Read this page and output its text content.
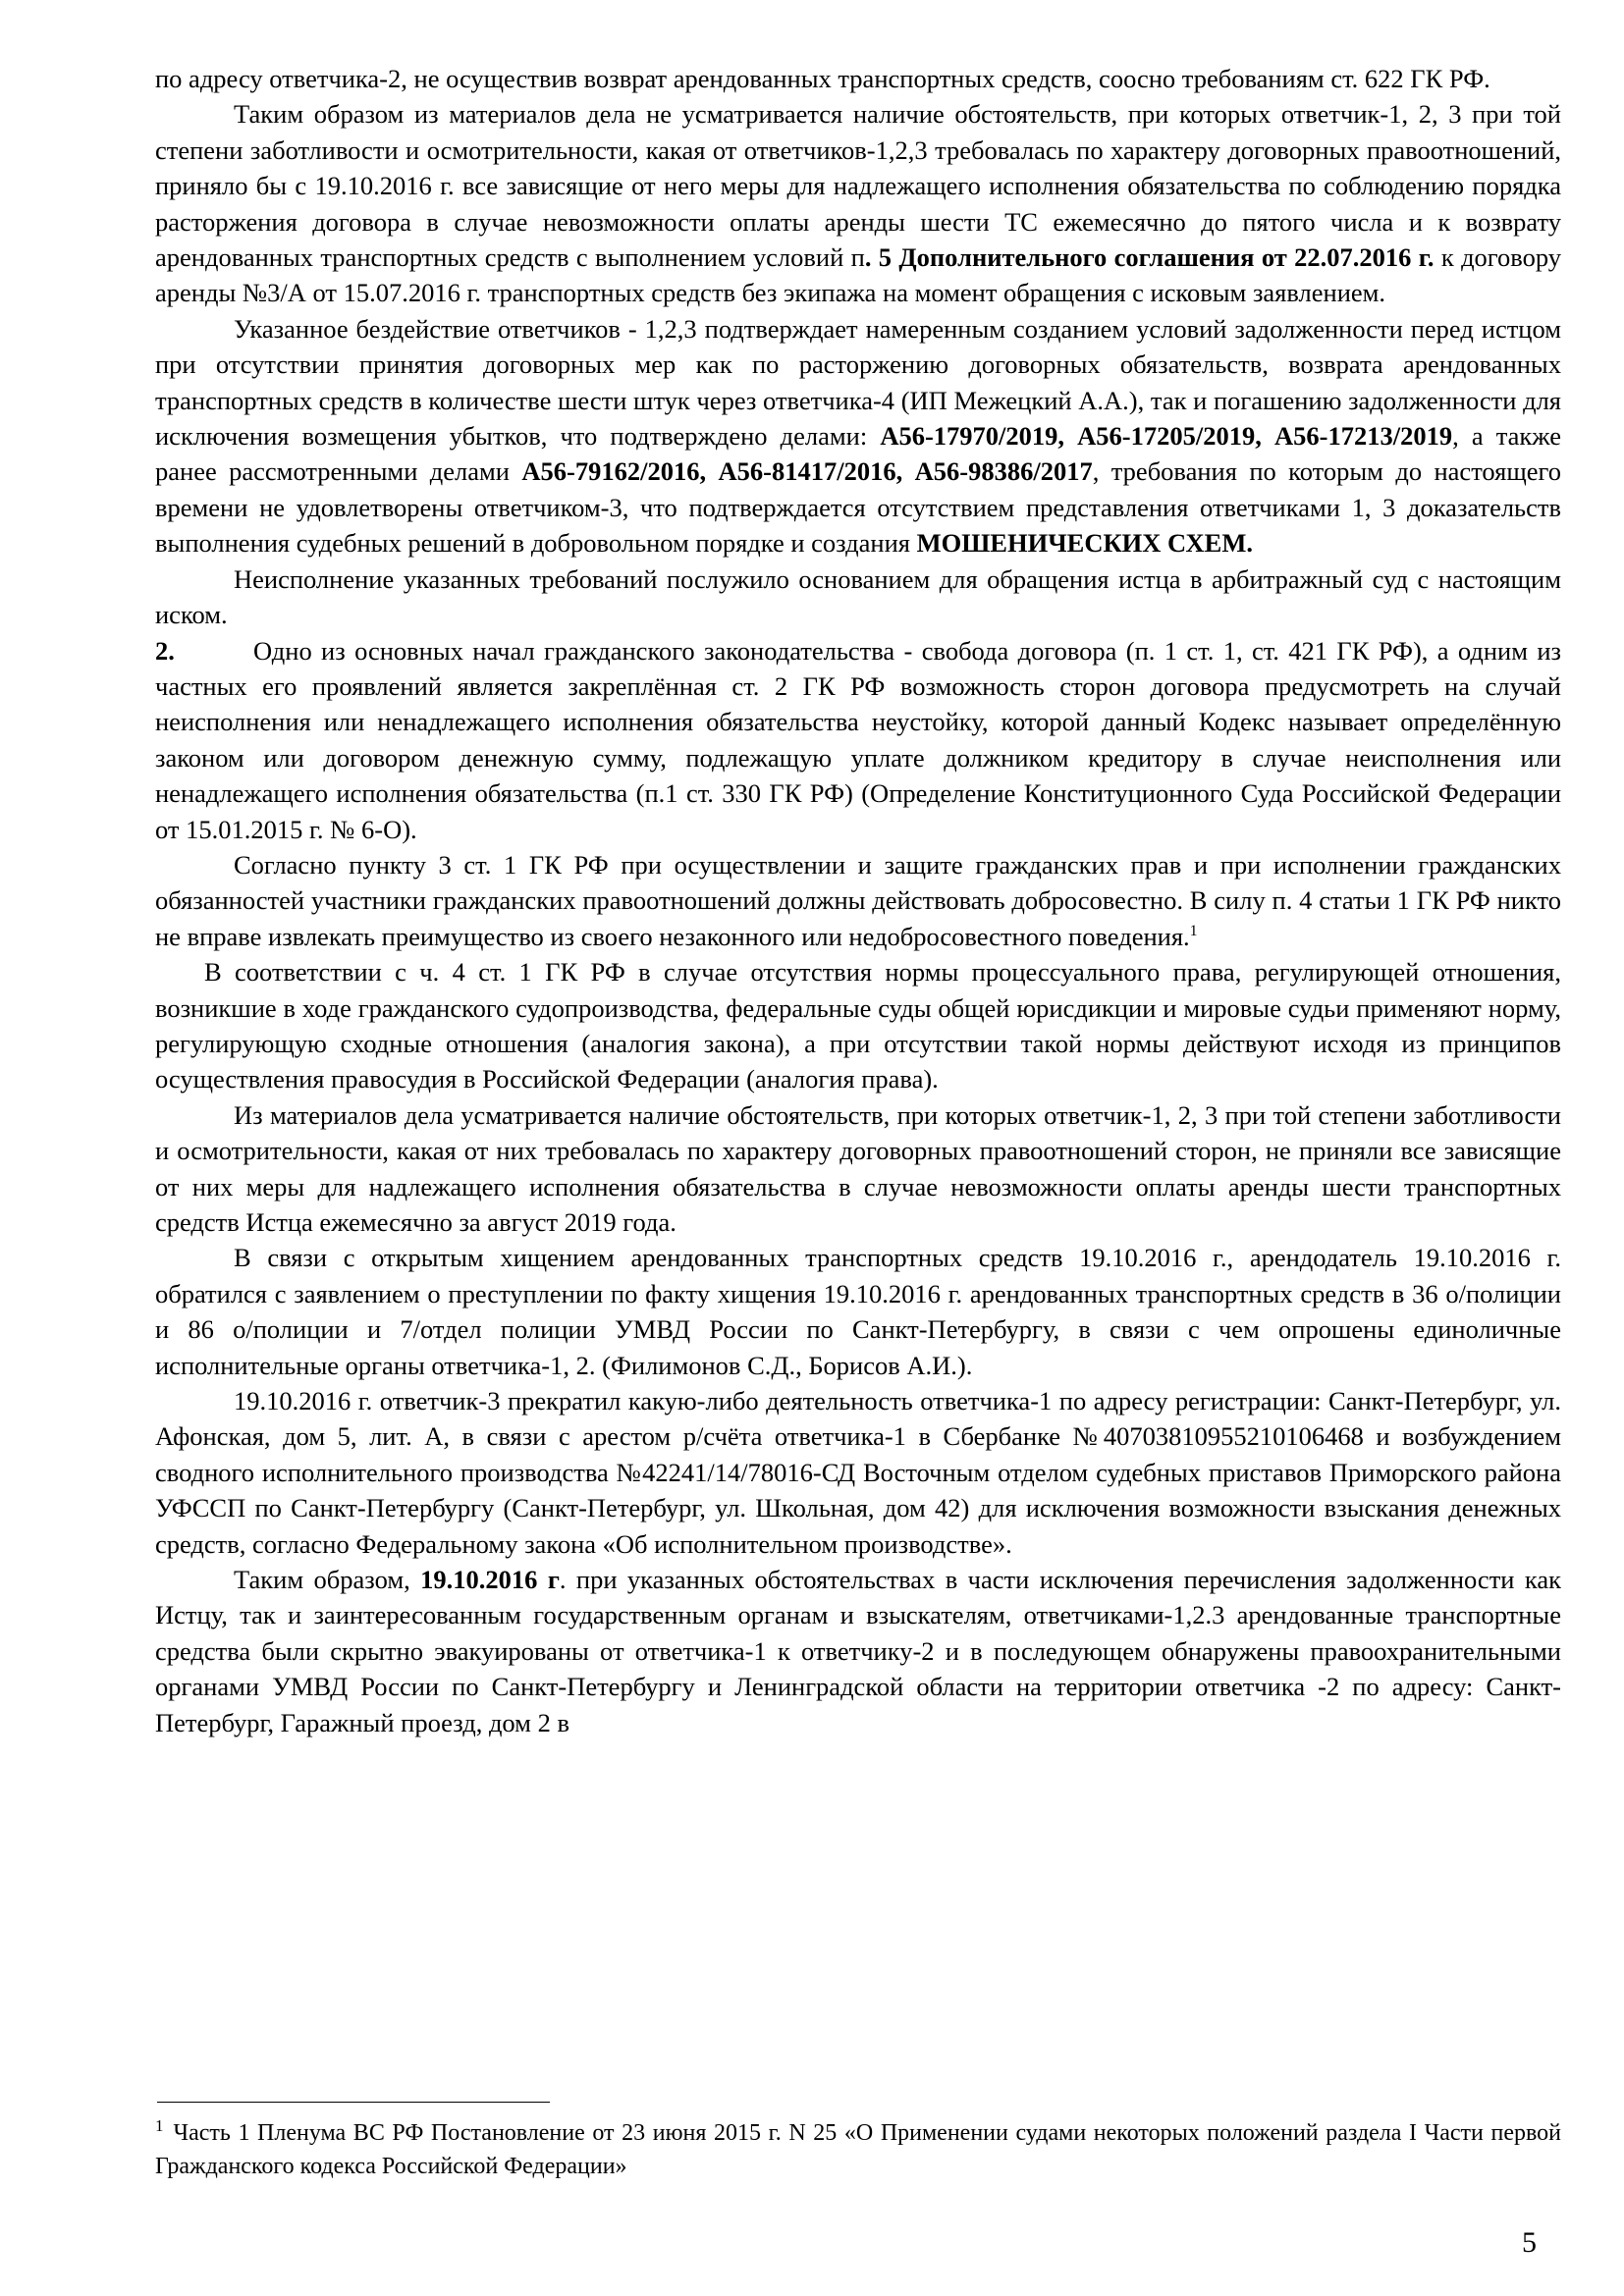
по адресу ответчика-2, не осуществив возврат арендованных транспортных средств, соосно требованиям ст. 622 ГК РФ.

Таким образом из материалов дела не усматривается наличие обстоятельств, при которых ответчик-1, 2, 3 при той степени заботливости и осмотрительности, какая от ответчиков-1,2,3 требовалась по характеру договорных правоотношений, приняло бы с 19.10.2016 г. все зависящие от него меры для надлежащего исполнения обязательства по соблюдению порядка расторжения договора в случае невозможности оплаты аренды шести ТС ежемесячно до пятого числа и к возврату арендованных транспортных средств с выполнением условий п. 5 Дополнительного соглашения от 22.07.2016 г. к договору аренды №3/А от 15.07.2016 г. транспортных средств без экипажа на момент обращения с исковым заявлением.

Указанное бездействие ответчиков - 1,2,3 подтверждает намеренным созданием условий задолженности перед истцом при отсутствии принятия договорных мер как по расторжению договорных обязательств, возврата арендованных транспортных средств в количестве шести штук через ответчика-4 (ИП Межецкий А.А.), так и погашению задолженности для исключения возмещения убытков, что подтверждено делами: А56-17970/2019, А56-17205/2019, А56-17213/2019, а также ранее рассмотренными делами А56-79162/2016, А56-81417/2016, А56-98386/2017, требования по которым до настоящего времени не удовлетворены ответчиком-3, что подтверждается отсутствием представления ответчиками 1, 3 доказательств выполнения судебных решений в добровольном порядке и создания МОШЕНИЧЕСКИХ СХЕМ.

Неисполнение указанных требований послужило основанием для обращения истца в арбитражный суд с настоящим иском.

2.	Одно из основных начал гражданского законодательства - свобода договора (п. 1 ст. 1, ст. 421 ГК РФ), а одним из частных его проявлений является закреплённая ст. 2 ГК РФ возможность сторон договора предусмотреть на случай неисполнения или ненадлежащего исполнения обязательства неустойку, которой данный Кодекс называет определённую законом или договором денежную сумму, подлежащую уплате должником кредитору в случае неисполнения или ненадлежащего исполнения обязательства (п.1 ст. 330 ГК РФ) (Определение Конституционного Суда Российской Федерации от 15.01.2015 г. № 6-О).

Согласно пункту 3 ст. 1 ГК РФ при осуществлении и защите гражданских прав и при исполнении гражданских обязанностей участники гражданских правоотношений должны действовать добросовестно. В силу п. 4 статьи 1 ГК РФ никто не вправе извлекать преимущество из своего незаконного или недобросовестного поведения.$^1$

В соответствии с ч. 4 ст. 1 ГК РФ в случае отсутствия нормы процессуального права, регулирующей отношения, возникшие в ходе гражданского судопроизводства, федеральные суды общей юрисдикции и мировые судьи применяют норму, регулирующую сходные отношения (аналогия закона), а при отсутствии такой нормы действуют исходя из принципов осуществления правосудия в Российской Федерации (аналогия права).

Из материалов дела усматривается наличие обстоятельств, при которых ответчик-1, 2, 3 при той степени заботливости и осмотрительности, какая от них требовалась по характеру договорных правоотношений сторон, не приняли все зависящие от них меры для надлежащего исполнения обязательства в случае невозможности оплаты аренды шести транспортных средств Истца ежемесячно за август 2019 года.

В связи с открытым хищением арендованных транспортных средств 19.10.2016 г., арендодатель 19.10.2016 г. обратился с заявлением о преступлении по факту хищения 19.10.2016 г. арендованных транспортных средств в 36 о/полиции и 86 о/полиции и 7/отдел полиции УМВД России по Санкт-Петербургу, в связи с чем опрошены единоличные исполнительные органы ответчика-1, 2. (Филимонов С.Д., Борисов А.И.).

19.10.2016 г. ответчик-3 прекратил какую-либо деятельность ответчика-1 по адресу регистрации: Санкт-Петербург, ул. Афонская, дом 5, лит. А, в связи с арестом р/счёта ответчика-1 в Сбербанке №40703810955210106468 и возбуждением сводного исполнительного производства №42241/14/78016-СД Восточным отделом судебных приставов Приморского района УФССП по Санкт-Петербургу (Санкт-Петербург, ул. Школьная, дом 42) для исключения возможности взыскания денежных средств, согласно Федеральному закона «Об исполнительном производстве».

Таким образом, 19.10.2016 г. при указанных обстоятельствах в части исключения перечисления задолженности как Истцу, так и заинтересованным государственным органам и взыскателям, ответчиками-1,2.3 арендованные транспортные средства были скрытно эвакуированы от ответчика-1 к ответчику-2 и в последующем обнаружены правоохранительными органами УМВД России по Санкт-Петербургу и Ленинградской области на территории ответчика -2 по адресу: Санкт-Петербург, Гаражный проезд, дом 2 в

$^1$ Часть 1 Пленума ВС РФ Постановление от 23 июня 2015 г. N 25 «О Применении судами некоторых положений раздела I Части первой Гражданского кодекса Российской Федерации»
5
